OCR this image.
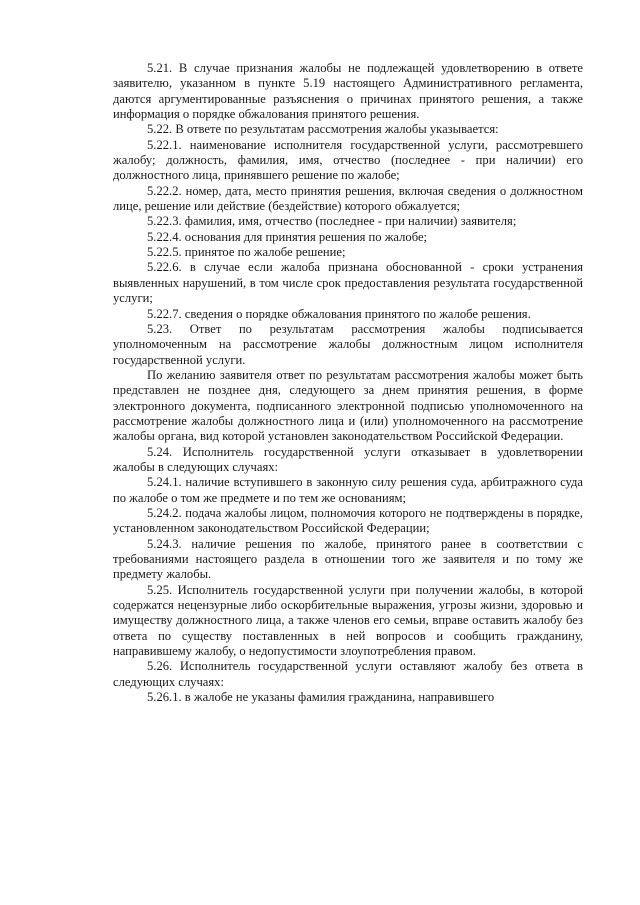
5.21. В случае признания жалобы не подлежащей удовлетворению в ответе заявителю, указанном в пункте 5.19 настоящего Административного регламента, даются аргументированные разъяснения о причинах принятого решения, а также информация о порядке обжалования принятого решения.

5.22. В ответе по результатам рассмотрения жалобы указывается:

5.22.1. наименование исполнителя государственной услуги, рассмотревшего жалобу; должность, фамилия, имя, отчество (последнее - при наличии) его должностного лица, принявшего решение по жалобе;

5.22.2. номер, дата, место принятия решения, включая сведения о должностном лице, решение или действие (бездействие) которого обжалуется;

5.22.3. фамилия, имя, отчество (последнее - при наличии) заявителя;

5.22.4. основания для принятия решения по жалобе;

5.22.5. принятое по жалобе решение;

5.22.6. в случае если жалоба признана обоснованной - сроки устранения выявленных нарушений, в том числе срок предоставления результата государственной услуги;

5.22.7. сведения о порядке обжалования принятого по жалобе решения.

5.23. Ответ по результатам рассмотрения жалобы подписывается уполномоченным на рассмотрение жалобы должностным лицом исполнителя государственной услуги.

По желанию заявителя ответ по результатам рассмотрения жалобы может быть представлен не позднее дня, следующего за днем принятия решения, в форме электронного документа, подписанного электронной подписью уполномоченного на рассмотрение жалобы должностного лица и (или) уполномоченного на рассмотрение жалобы органа, вид которой установлен законодательством Российской Федерации.

5.24. Исполнитель государственной услуги отказывает в удовлетворении жалобы в следующих случаях:

5.24.1. наличие вступившего в законную силу решения суда, арбитражного суда по жалобе о том же предмете и по тем же основаниям;

5.24.2. подача жалобы лицом, полномочия которого не подтверждены в порядке, установленном законодательством Российской Федерации;

5.24.3. наличие решения по жалобе, принятого ранее в соответствии с требованиями настоящего раздела в отношении того же заявителя и по тому же предмету жалобы.

5.25. Исполнитель государственной услуги при получении жалобы, в которой содержатся нецензурные либо оскорбительные выражения, угрозы жизни, здоровью и имуществу должностного лица, а также членов его семьи, вправе оставить жалобу без ответа по существу поставленных в ней вопросов и сообщить гражданину, направившему жалобу, о недопустимости злоупотребления правом.

5.26. Исполнитель государственной услуги оставляют жалобу без ответа в следующих случаях:

5.26.1. в жалобе не указаны фамилия гражданина, направившего
